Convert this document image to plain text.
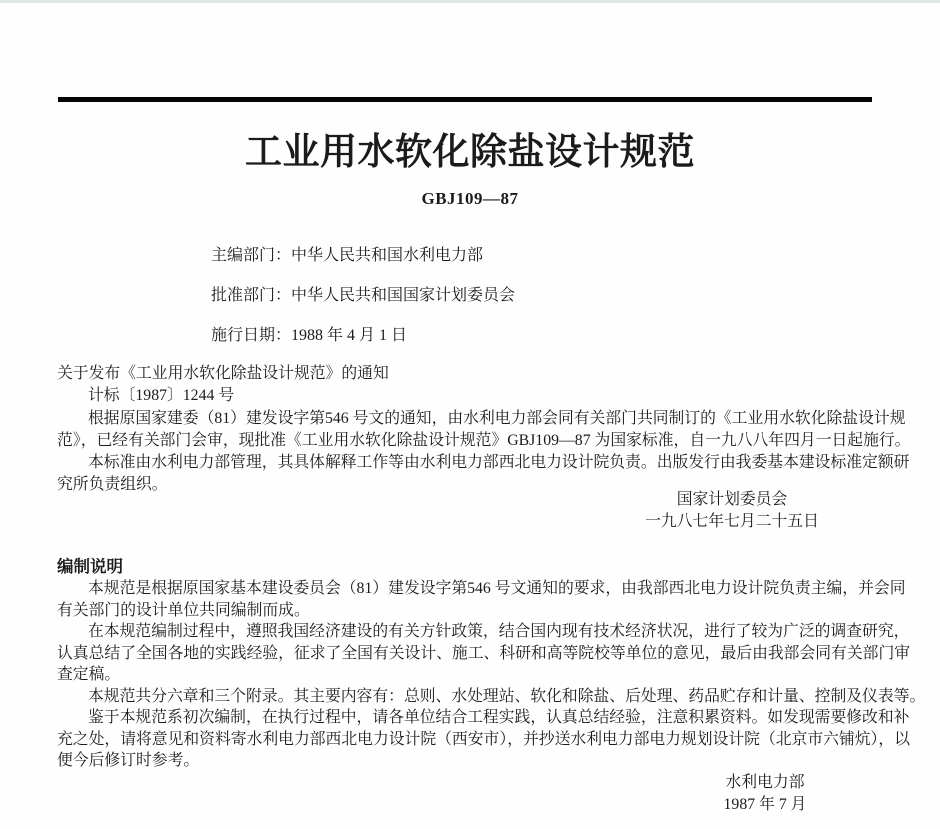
工业用水软化除盐设计规范
GBJ109—87
主编部门：中华人民共和国水利电力部
批准部门：中华人民共和国国家计划委员会
施行日期：1988 年 4 月 1 日
关于发布《工业用水软化除盐设计规范》的通知
计标〔1987〕1244 号
根据原国家建委（81）建发设字第546 号文的通知，由水利电力部会同有关部门共同制订的《工业用水软化除盐设计规
范》，已经有关部门会审，现批准《工业用水软化除盐设计规范》GBJ109—87 为国家标准，自一九八八年四月一日起施行。
本标准由水利电力部管理，其具体解释工作等由水利电力部西北电力设计院负责。出版发行由我委基本建设标准定额研
究所负责组织。
国家计划委员会
一九八七年七月二十五日
编制说明
本规范是根据原国家基本建设委员会（81）建发设字第546 号文通知的要求，由我部西北电力设计院负责主编，并会同
有关部门的设计单位共同编制而成。
在本规范编制过程中，遵照我国经济建设的有关方针政策，结合国内现有技术经济状况，进行了较为广泛的调查研究，
认真总结了全国各地的实践经验，征求了全国有关设计、施工、科研和高等院校等单位的意见，最后由我部会同有关部门审
查定稿。
本规范共分六章和三个附录。其主要内容有：总则、水处理站、软化和除盐、后处理、药品贮存和计量、控制及仪表等。
鉴于本规范系初次编制，在执行过程中，请各单位结合工程实践，认真总结经验，注意积累资料。如发现需要修改和补
充之处，请将意见和资料寄水利电力部西北电力设计院（西安市），并抄送水利电力部电力规划设计院（北京市六铺炕），以
便今后修订时参考。
水利电力部
1987 年 7 月
